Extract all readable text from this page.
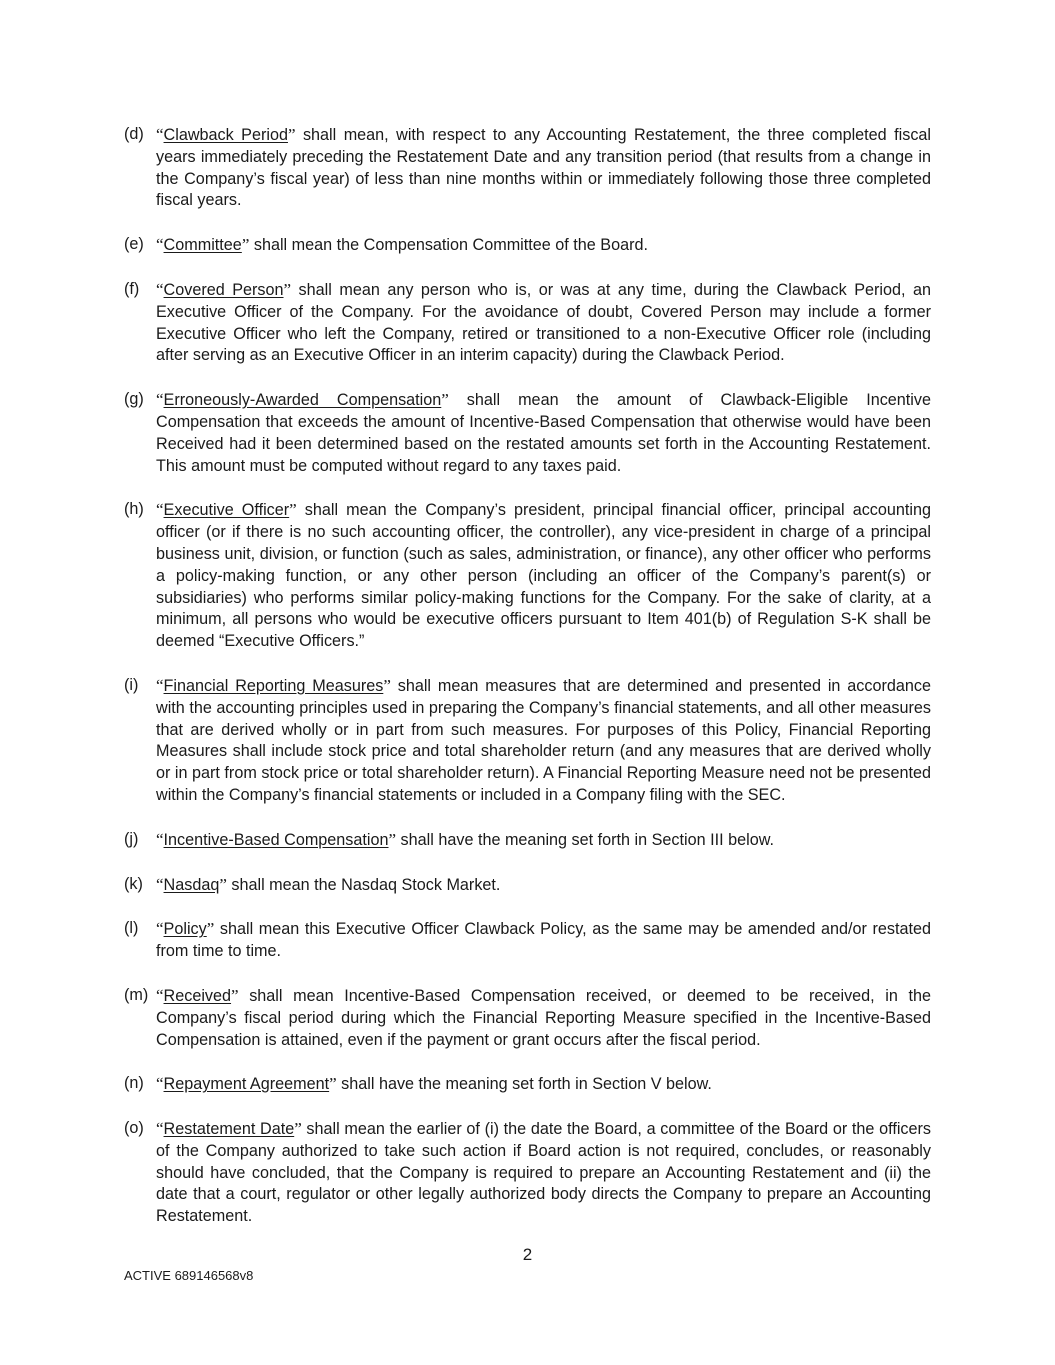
(d) “Clawback Period” shall mean, with respect to any Accounting Restatement, the three completed fiscal years immediately preceding the Restatement Date and any transition period (that results from a change in the Company’s fiscal year) of less than nine months within or immediately following those three completed fiscal years.

(e) “Committee” shall mean the Compensation Committee of the Board.

(f) “Covered Person” shall mean any person who is, or was at any time, during the Clawback Period, an Executive Officer of the Company. For the avoidance of doubt, Covered Person may include a former Executive Officer who left the Company, retired or transitioned to a non-Executive Officer role (including after serving as an Executive Officer in an interim capacity) during the Clawback Period.

(g) “Erroneously-Awarded Compensation” shall mean the amount of Clawback-Eligible Incentive Compensation that exceeds the amount of Incentive-Based Compensation that otherwise would have been Received had it been determined based on the restated amounts set forth in the Accounting Restatement. This amount must be computed without regard to any taxes paid.

(h) “Executive Officer” shall mean the Company’s president, principal financial officer, principal accounting officer (or if there is no such accounting officer, the controller), any vice-president in charge of a principal business unit, division, or function (such as sales, administration, or finance), any other officer who performs a policy-making function, or any other person (including an officer of the Company’s parent(s) or subsidiaries) who performs similar policy-making functions for the Company. For the sake of clarity, at a minimum, all persons who would be executive officers pursuant to Item 401(b) of Regulation S-K shall be deemed “Executive Officers.”

(i) “Financial Reporting Measures” shall mean measures that are determined and presented in accordance with the accounting principles used in preparing the Company’s financial statements, and all other measures that are derived wholly or in part from such measures. For purposes of this Policy, Financial Reporting Measures shall include stock price and total shareholder return (and any measures that are derived wholly or in part from stock price or total shareholder return). A Financial Reporting Measure need not be presented within the Company’s financial statements or included in a Company filing with the SEC.

(j) “Incentive-Based Compensation” shall have the meaning set forth in Section III below.

(k) “Nasdaq” shall mean the Nasdaq Stock Market.

(l) “Policy” shall mean this Executive Officer Clawback Policy, as the same may be amended and/or restated from time to time.

(m) “Received” shall mean Incentive-Based Compensation received, or deemed to be received, in the Company’s fiscal period during which the Financial Reporting Measure specified in the Incentive-Based Compensation is attained, even if the payment or grant occurs after the fiscal period.

(n) “Repayment Agreement” shall have the meaning set forth in Section V below.

(o) “Restatement Date” shall mean the earlier of (i) the date the Board, a committee of the Board or the officers of the Company authorized to take such action if Board action is not required, concludes, or reasonably should have concluded, that the Company is required to prepare an Accounting Restatement and (ii) the date that a court, regulator or other legally authorized body directs the Company to prepare an Accounting Restatement.

2
ACTIVE 689146568v8
